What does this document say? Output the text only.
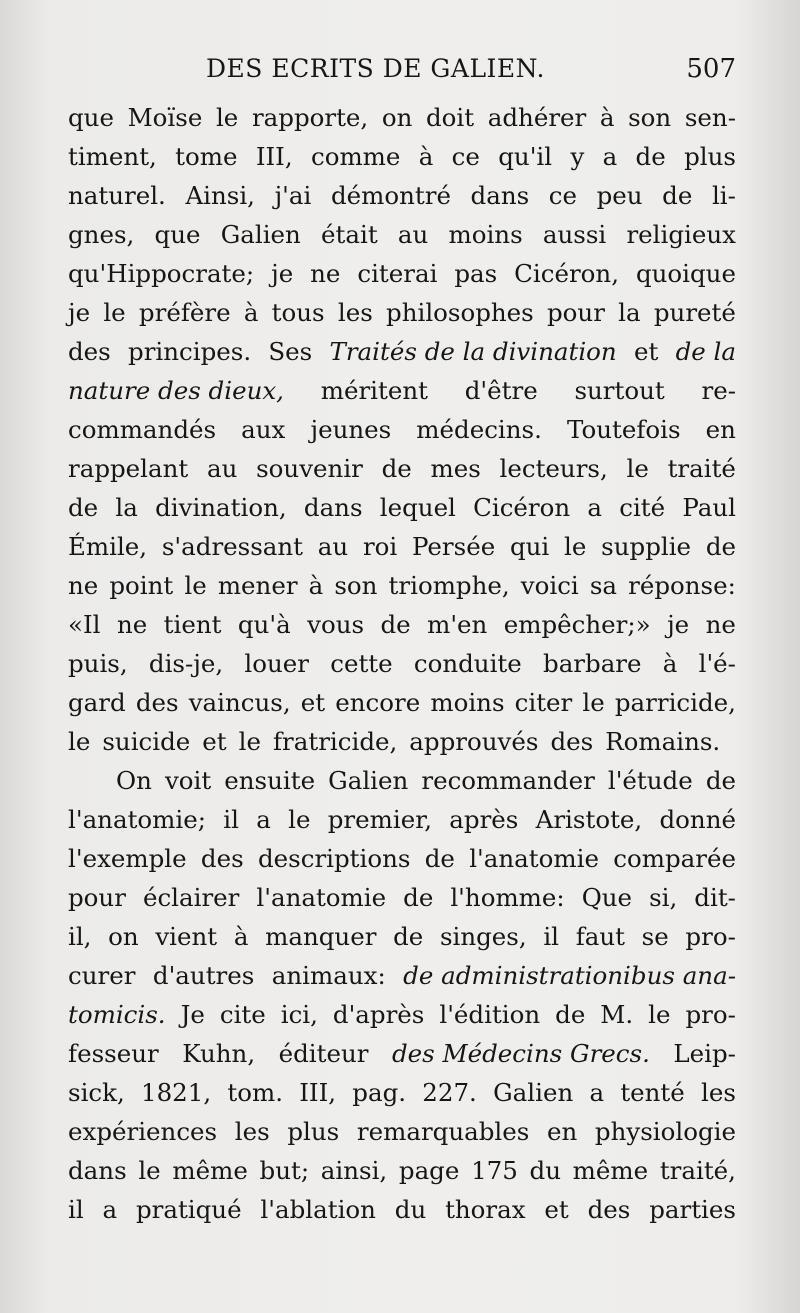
DES ECRITS DE GALIEN.	507
que Moïse le rapporte, on doit adhérer à son sen-
timent, tome III, comme à ce qu'il y a de plus
naturel. Ainsi, j'ai démontré dans ce peu de li-
gnes, que Galien était au moins aussi religieux
qu'Hippocrate; je ne citerai pas Cicéron, quoique
je le préfère à tous les philosophes pour la pureté
des principes. Ses Traités de la divination et de la
nature des dieux, méritent d'être surtout re-
commandés aux jeunes médecins. Toutefois en
rappelant au souvenir de mes lecteurs, le traité
de la divination, dans lequel Cicéron a cité Paul
Émile, s'adressant au roi Persée qui le supplie de
ne point le mener à son triomphe, voici sa réponse:
«Il ne tient qu'à vous de m'en empêcher;» je ne
puis, dis-je, louer cette conduite barbare à l'é-
gard des vaincus, et encore moins citer le parricide,
le suicide et le fratricide, approuvés des Romains.
On voit ensuite Galien recommander l'étude de
l'anatomie; il a le premier, après Aristote, donné
l'exemple des descriptions de l'anatomie comparée
pour éclairer l'anatomie de l'homme: Que si, dit-
il, on vient à manquer de singes, il faut se pro-
curer d'autres animaux: de administrationibus ana-
tomicis. Je cite ici, d'après l'édition de M. le pro-
fesseur Kuhn, éditeur des Médecins Grecs. Leip-
sick, 1821, tom. III, pag. 227. Galien a tenté les
expériences les plus remarquables en physiologie
dans le même but; ainsi, page 175 du même traité,
il a pratiqué l'ablation du thorax et des parties
